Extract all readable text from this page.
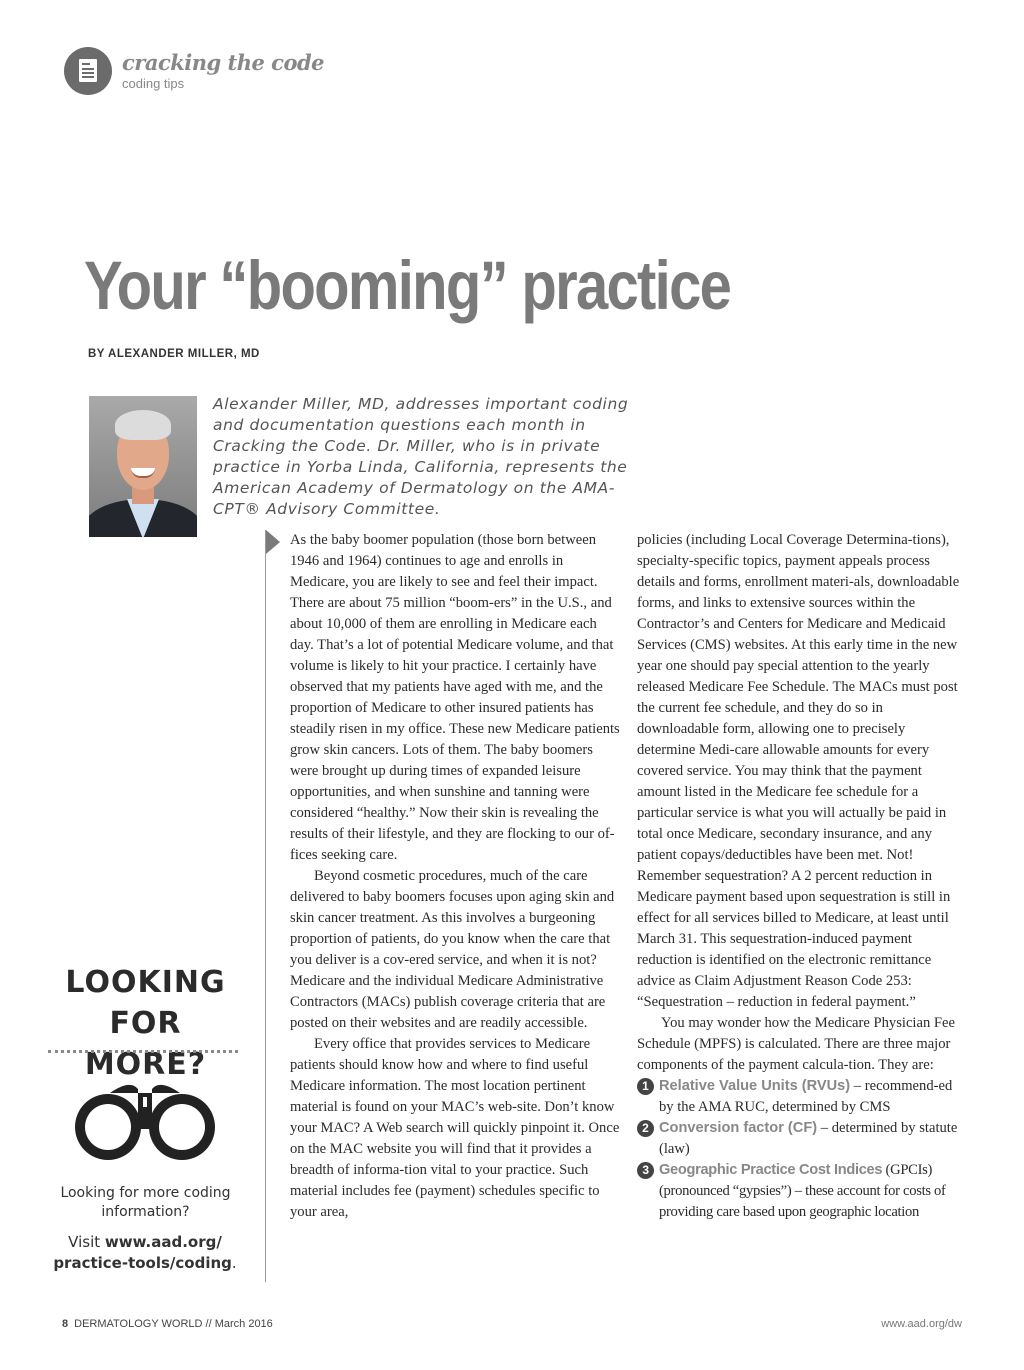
cracking the code
coding tips
Your “booming” practice
BY ALEXANDER MILLER, MD
Alexander Miller, MD, addresses important coding and documentation questions each month in Cracking the Code. Dr. Miller, who is in private practice in Yorba Linda, California, represents the American Academy of Dermatology on the AMA-CPT® Advisory Committee.
LOOKING
FOR MORE?
Looking for more coding information?
Visit www.aad.org/
practice-tools/coding.

As the baby boomer population (those born between 1946 and 1964) continues to age and enrolls in Medicare, you are likely to see and feel their impact. There are about 75 million “boom-ers” in the U.S., and about 10,000 of them are enrolling in Medicare each day. That’s a lot of potential Medicare volume, and that volume is likely to hit your practice. I certainly have observed that my patients have aged with me, and the proportion of Medicare to other insured patients has steadily risen in my office. These new Medicare patients grow skin cancers. Lots of them. The baby boomers were brought up during times of expanded leisure opportunities, and when sunshine and tanning were considered “healthy.” Now their skin is revealing the results of their lifestyle, and they are flocking to our of-fices seeking care.

Beyond cosmetic procedures, much of the care delivered to baby boomers focuses upon aging skin and skin cancer treatment. As this involves a burgeoning proportion of patients, do you know when the care that you deliver is a cov-ered service, and when it is not? Medicare and the individual Medicare Administrative Contractors (MACs) publish coverage criteria that are posted on their websites and are readily accessible.

Every office that provides services to Medicare patients should know how and where to find useful Medicare information. The most location pertinent material is found on your MAC’s web-site. Don’t know your MAC? A Web search will quickly pinpoint it. Once on the MAC website you will find that it provides a breadth of informa-tion vital to your practice. Such material includes fee (payment) schedules specific to your area,

policies (including Local Coverage Determina-tions), specialty-specific topics, payment appeals process details and forms, enrollment materi-als, downloadable forms, and links to extensive sources within the Contractor’s and Centers for Medicare and Medicaid Services (CMS) websites. At this early time in the new year one should pay special attention to the yearly released Medicare Fee Schedule. The MACs must post the current fee schedule, and they do so in downloadable form, allowing one to precisely determine Medi-care allowable amounts for every covered service. You may think that the payment amount listed in the Medicare fee schedule for a particular service is what you will actually be paid in total once Medicare, secondary insurance, and any patient copays/deductibles have been met. Not! Remember sequestration? A 2 percent reduction in Medicare payment based upon sequestration is still in effect for all services billed to Medicare, at least until March 31. This sequestration-induced payment reduction is identified on the electronic remittance advice as Claim Adjustment Reason Code 253: “Sequestration – reduction in federal payment.”

You may wonder how the Medicare Physician Fee Schedule (MPFS) is calculated. There are three major components of the payment calcula-tion. They are:

1 Relative Value Units (RVUs) – recommend-ed by the AMA RUC, determined by CMS
2 Conversion factor (CF) – determined by statute (law)
3 Geographic Practice Cost Indices (GPCIs) (pronounced “gypsies”) – these account for costs of providing care based upon geographic location
8 DERMATOLOGY WORLD // March 2016	www.aad.org/dw
